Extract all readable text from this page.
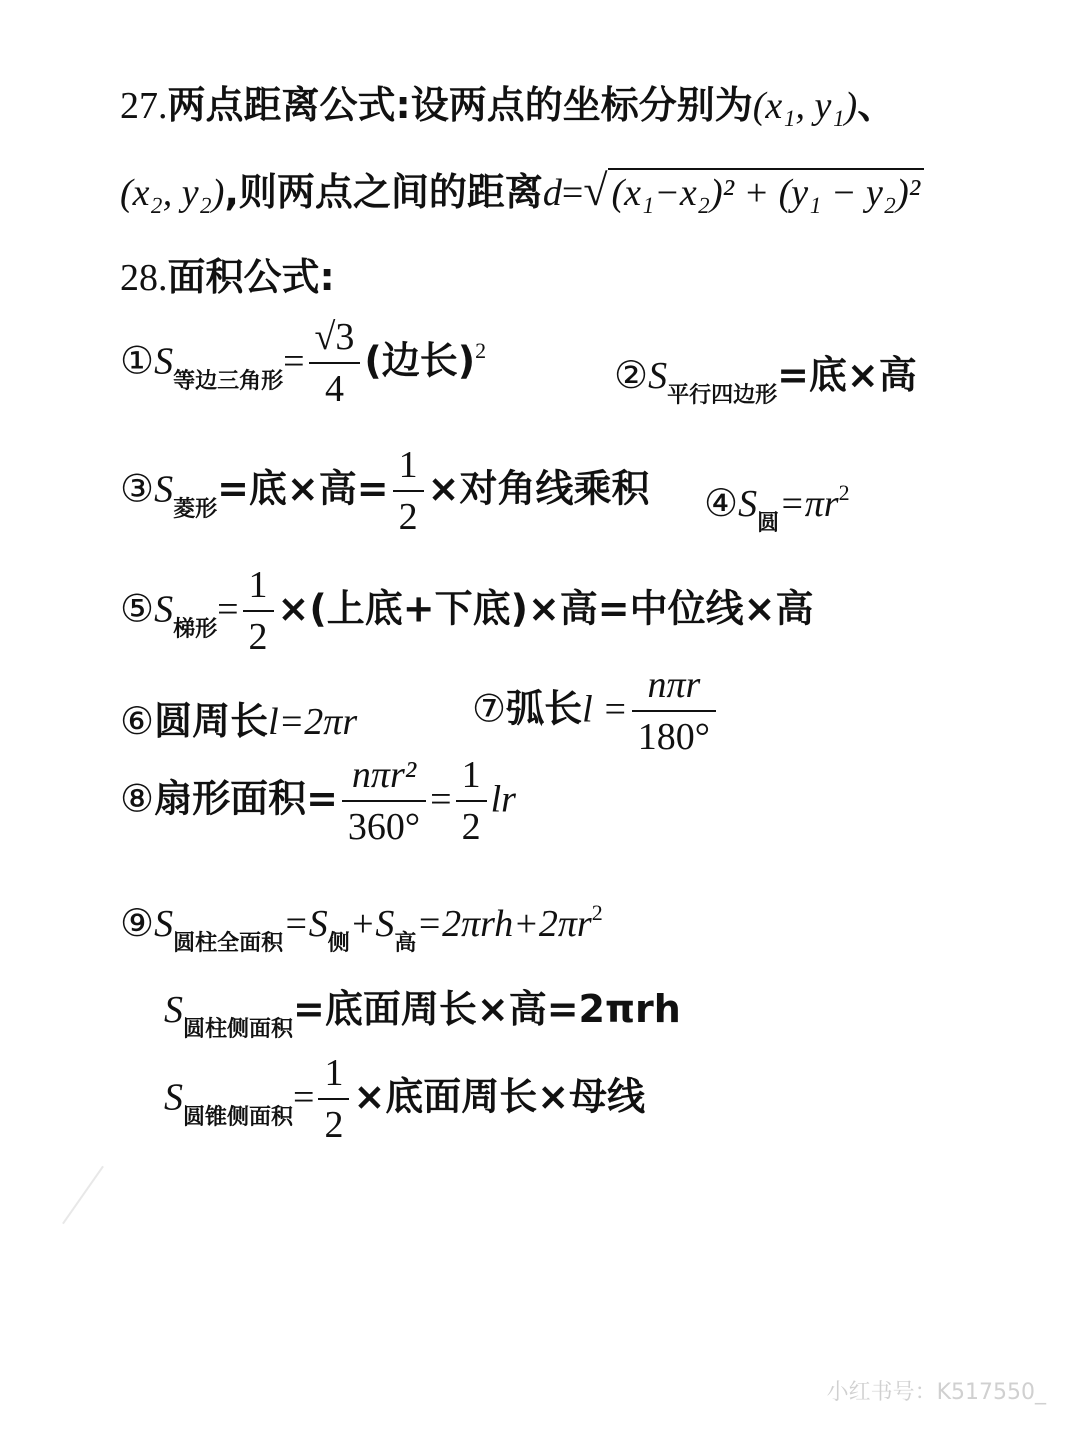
27.两点距离公式:设两点的坐标分别为(x₁, y₁)、
(x₂, y₂),则两点之间的距离d=√ (x₁−x₂)² + (y₁ − y₂)²
28.面积公式:
$①S_{等边三角形}= \frac{√3}{4}$ (边长)$^2$
$②S_{平行四边形}=$底×高
$③S_{菱形}=$底×高= $\frac{1}{2}$ ×对角线乘积 $④S_圆=\pi r^2$
$⑤S_{梯形}= \frac{1}{2}$ ×(上底+下底)×高=中位线×高
⑥圆周长l=2πr	⑦弧长$l = \frac{\text{nπr}}{180^\circ}$
⑧扇形面积= $\frac{\text{nπr²}}{360^\circ} = \frac{1}{2}$ lr
$⑨S_{圆柱全面积}=S_侧+S_高=2\pi rh+2\pi r^2$
$S_{圆柱侧面积}=$底面周长×高=2πrh
$S_{圆锥侧面积}= \frac{1}{2}$ ×底面周长×母线
小红书号：K517550_
